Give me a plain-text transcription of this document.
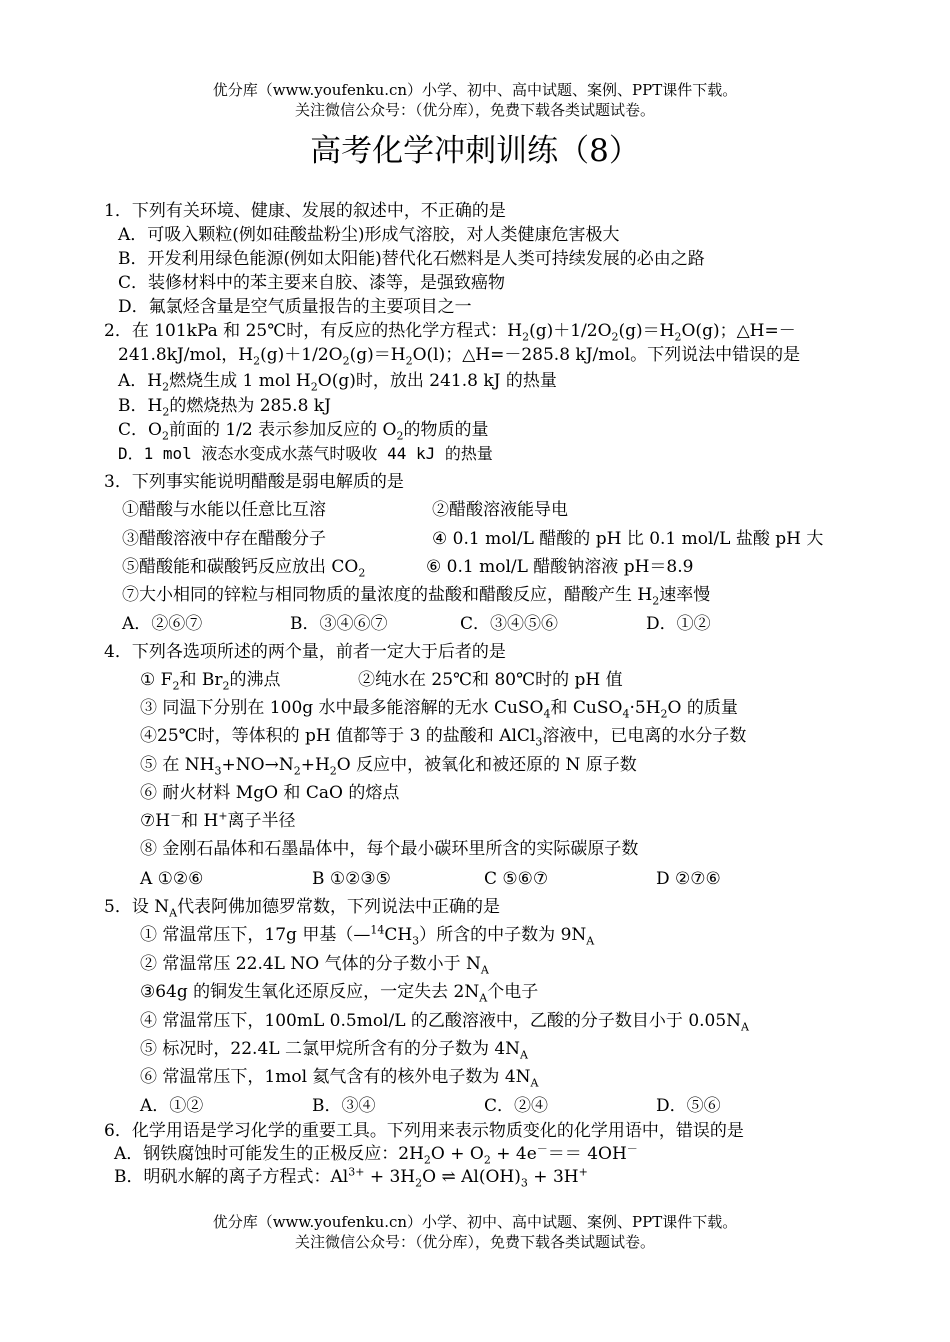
优分库（www.youfenku.cn）小学、初中、高中试题、案例、PPT课件下载。
关注微信公众号：（优分库），免费下载各类试题试卷。
高考化学冲刺训练（8）
1．下列有关环境、健康、发展的叙述中，不正确的是
A．可吸入颗粒(例如硅酸盐粉尘)形成气溶胶，对人类健康危害极大
B．开发利用绿色能源(例如太阳能)替代化石燃料是人类可持续发展的必由之路
C．装修材料中的苯主要来自胶、漆等，是强致癌物
D．氟氯烃含量是空气质量报告的主要项目之一
2．在 101kPa 和 25℃时，有反应的热化学方程式：$H_2(g)+1/2O_2(g)=H_2O(g)$；△H=－
241.8kJ/mol，$H_2(g)+1/2O_2(g)=H_2O(l)$；△H=－285.8 kJ/mol。下列说法中错误的是
A．$H_2$燃烧生成 1 mol $H_2O(g)$时，放出 241.8 kJ 的热量
B．$H_2$的燃烧热为 285.8 kJ
C．$O_2$前面的 1/2 表示参加反应的 $O_2$的物质的量
D．1 mol 液态水变成水蒸气时吸收 44 kJ 的热量
3．下列事实能说明醋酸是弱电解质的是
①醋酸与水能以任意比互溶	②醋酸溶液能导电
③醋酸溶液中存在醋酸分子	④ 0.1 mol/L 醋酸的 pH 比 0.1 mol/L 盐酸 pH 大
⑤醋酸能和碳酸钙反应放出 $CO_2$	⑥ 0.1 mol/L 醋酸钠溶液 pH＝8.9
⑦大小相同的锌粒与相同物质的量浓度的盐酸和醋酸反应，醋酸产生 $H_2$速率慢
A．②⑥⑦	B．③④⑥⑦	C．③④⑤⑥	D．①②
4．下列各选项所述的两个量，前者一定大于后者的是
① $F_2$和 $Br_2$的沸点	②纯水在 25℃和 80℃时的 pH 值
③ 同温下分别在 100g 水中最多能溶解的无水 CuSO$_4$和 $CuSO_4\cdot 5H_2O$ 的质量
④25℃时，等体积的 pH 值都等于 3 的盐酸和 AlCl$_3$溶液中，已电离的水分子数
⑤ 在 $NH_3+NO\to N_2+H_2O$ 反应中，被氧化和被还原的 N 原子数
⑥ 耐火材料 MgO 和 CaO 的熔点
⑦H－和 H+离子半径
⑧ 金刚石晶体和石墨晶体中，每个最小碳环里所含的实际碳原子数
A ①②⑥	B ①②③⑤	C ⑤⑥⑦	D ②⑦⑥
5．设 $N_A$代表阿佛加德罗常数，下列说法中正确的是
① 常温常压下，17g 甲基$(—^{14}CH_3)$所含的中子数为 $9N_A$
② 常温常压 22.4L NO 气体的分子数小于 $N_A$
③64g 的铜发生氧化还原反应，一定失去 $2N_A$个电子
④ 常温常压下，100mL 0.5mol/L 的乙酸溶液中，乙酸的分子数目小于 $0.05N_A$
⑤ 标况时，22.4L 二氯甲烷所含有的分子数为 $4N_A$
⑥ 常温常压下，1mol 氦气含有的核外电子数为 $4N_A$
A．①②	B．③④	C．②④	D．⑤⑥
6．化学用语是学习化学的重要工具。下列用来表示物质变化的化学用语中，错误的是
A．钢铁腐蚀时可能发生的正极反应：$2H_2O + O_2 + 4e^-== 4OH^-$
B．明矾水解的离子方程式：$Al^{3+} + 3H_2O$ ⇌ $Al(OH)_3 + 3H^+$
优分库（www.youfenku.cn）小学、初中、高中试题、案例、PPT课件下载。
关注微信公众号：（优分库），免费下载各类试题试卷。
